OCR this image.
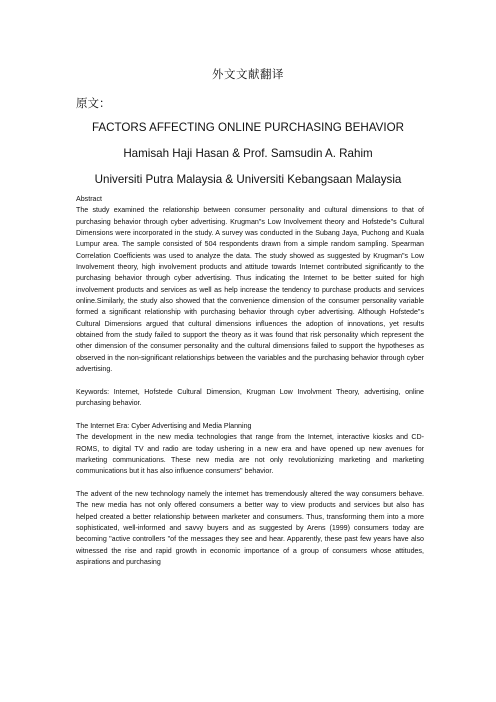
外文文献翻译
原文：
FACTORS AFFECTING ONLINE PURCHASING BEHAVIOR
Hamisah Haji Hasan & Prof. Samsudin A. Rahim
Universiti Putra Malaysia & Universiti Kebangsaan Malaysia

Abstract

The study examined the relationship between consumer personality and cultural dimensions to that of purchasing behavior through cyber advertising. Krugman"s Low Involvement theory and Hofstede"s Cultural Dimensions were incorporated in the study. A survey was conducted in the Subang Jaya, Puchong and Kuala Lumpur area. The sample consisted of 504 respondents drawn from a simple random sampling. Spearman Correlation Coefficients was used to analyze the data. The study showed as suggested by Krugman"s Low Involvement theory, high involvement products and attitude towards Internet contributed significantly to the purchasing behavior through cyber advertising. Thus indicating the Internet to be better suited for high involvement products and services as well as help increase the tendency to purchase products and services online.Similarly, the study also showed that the convenience dimension of the consumer personality variable formed a significant relationship with purchasing behavior through cyber advertising. Although Hofstede"s Cultural Dimensions argued that cultural dimensions influences the adoption of innovations, yet results obtained from the study failed to support the theory as it was found that risk personality which represent the other dimension of the consumer personality and the cultural dimensions failed to support the hypotheses as observed in the non-significant relationships between the variables and the purchasing behavior through cyber advertising.

Keywords: Internet, Hofstede Cultural Dimension, Krugman Low Involvment Theory, advertising, online purchasing behavior.

The Internet Era: Cyber Advertising and Media Planning

The development in the new media technologies that range from the Internet, interactive kiosks and CD-ROMS, to digital TV and radio are today ushering in a new era and have opened up new avenues for marketing communications. These new media are not only revolutionizing marketing and marketing communications but it has also influence consumers" behavior.

The advent of the new technology namely the internet has tremendously altered the way consumers behave. The new media has not only offered consumers a better way to view products and services but also has helped created a better relationship between marketer and consumers. Thus, transforming them into a more sophisticated, well-informed and savvy buyers and as suggested by Arens (1999) consumers today are becoming "active controllers "of the messages they see and hear. Apparently, these past few years have also witnessed the rise and rapid growth in economic importance of a group of consumers whose attitudes, aspirations and purchasing
